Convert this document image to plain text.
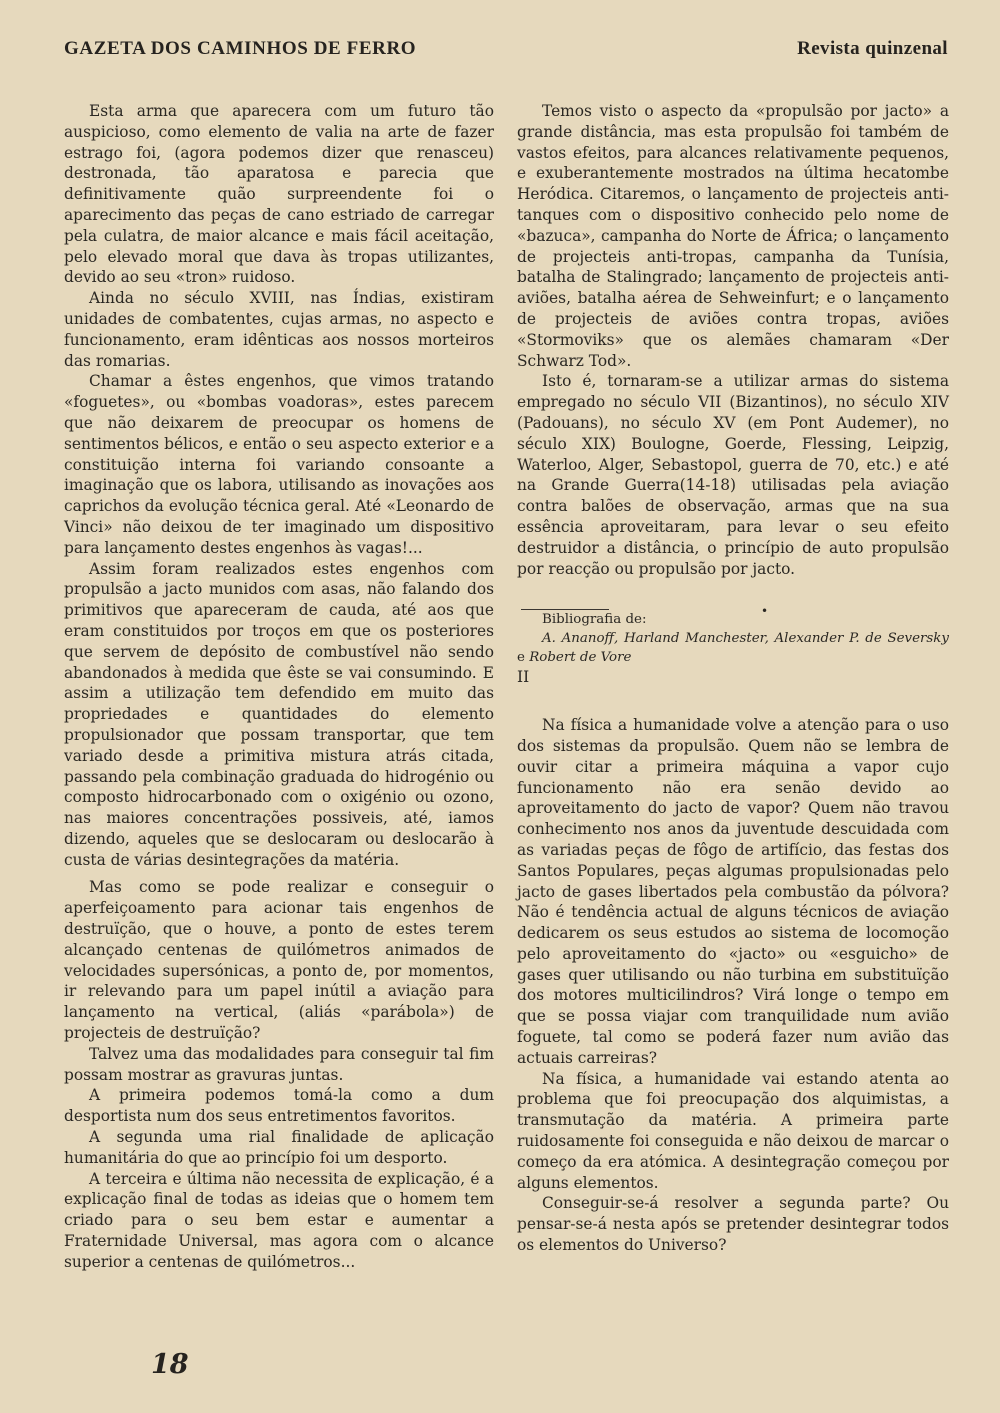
GAZETA DOS CAMINHOS DE FERRO	Revista quinzenal

Esta arma que aparecera com um futuro tão auspicioso, como elemento de valia na arte de fazer estrago foi, (agora podemos dizer que renasceu) destronada, tão aparatosa e parecia que definitivamente quão surpreendente foi o aparecimento das peças de cano estriado de carregar pela culatra, de maior alcance e mais fácil aceitação, pelo elevado moral que dava às tropas utilizantes, devido ao seu «tron» ruidoso.

Ainda no século XVIII, nas Índias, existiram unidades de combatentes, cujas armas, no aspecto e funcionamento, eram idênticas aos nossos morteiros das romarias.

Chamar a êstes engenhos, que vimos tratando «foguetes», ou «bombas voadoras», estes parecem que não deixarem de preocupar os homens de sentimentos bélicos, e então o seu aspecto exterior e a constituição interna foi variando consoante a imaginação que os labora, utilisando as inovações aos caprichos da evolução técnica geral. Até «Leonardo de Vinci» não deixou de ter imaginado um dispositivo para lançamento destes engenhos às vagas!...

Assim foram realizados estes engenhos com propulsão a jacto munidos com asas, não falando dos primitivos que apareceram de cauda, até aos que eram constituidos por troços em que os posteriores que servem de depósito de combustível não sendo abandonados à medida que êste se vai consumindo. E assim a utilização tem defendido em muito das propriedades e quantidades do elemento propulsionador que possam transportar, que tem variado desde a primitiva mistura atrás citada, passando pela combinação graduada do hidrogénio ou composto hidrocarbonado com o oxigénio ou ozono, nas maiores concentrações possiveis, até, iamos dizendo, aqueles que se deslocaram ou deslocarão à custa de várias desintegrações da matéria.

Mas como se pode realizar e conseguir o aperfeiçoamento para acionar tais engenhos de destruïção, que o houve, a ponto de estes terem alcançado centenas de quilómetros animados de velocidades supersónicas, a ponto de, por momentos, ir relevando para um papel inútil a aviação para lançamento na vertical, (aliás «parábola») de projecteis de destruïção?

Talvez uma das modalidades para conseguir tal fim possam mostrar as gravuras juntas.

A primeira podemos tomá-la como a dum desportista num dos seus entretimentos favoritos.

A segunda uma rial finalidade de aplicação humanitária do que ao princípio foi um desporto.

A terceira e última não necessita de explicação, é a explicação final de todas as ideias que o homem tem criado para o seu bem estar e aumentar a Fraternidade Universal, mas agora com o alcance superior a centenas de quilómetros...

Temos visto o aspecto da «propulsão por jacto» a grande distância, mas esta propulsão foi também de vastos efeitos, para alcances relativamente pequenos, e exuberantemente mostrados na última hecatombe Heródica. Citaremos, o lançamento de projecteis anti-tanques com o dispositivo conhecido pelo nome de «bazuca», campanha do Norte de África; o lançamento de projecteis anti-tropas, campanha da Tunísia, batalha de Stalingrado; lançamento de projecteis anti-aviões, batalha aérea de Sehweinfurt; e o lançamento de projecteis de aviões contra tropas, aviões «Stormoviks» que os alemães chamaram «Der Schwarz Tod».

Isto é, tornaram-se a utilizar armas do sistema empregado no século VII (Bizantinos), no século XIV (Padouans), no século XV (em Pont Audemer), no século XIX) Boulogne, Goerde, Flessing, Leipzig, Waterloo, Alger, Sebastopol, guerra de 70, etc.) e até na Grande Guerra(14-18) utilisadas pela aviação contra balões de observação, armas que na sua essência aproveitaram, para levar o seu efeito destruidor a distância, o princípio de auto propulsão por reacção ou propulsão por jacto.

Bibliografia de:

A. Ananoff, Harland Manchester, Alexander P. de Seversky e Robert de Vore

II

Na física a humanidade volve a atenção para o uso dos sistemas da propulsão. Quem não se lembra de ouvir citar a primeira máquina a vapor cujo funcionamento não era senão devido ao aproveitamento do jacto de vapor? Quem não travou conhecimento nos anos da juventude descuidada com as variadas peças de fôgo de artifício, das festas dos Santos Populares, peças algumas propulsionadas pelo jacto de gases libertados pela combustão da pólvora? Não é tendência actual de alguns técnicos de aviação dedicarem os seus estudos ao sistema de locomoção pelo aproveitamento do «jacto» ou «esguicho» de gases quer utilisando ou não turbina em substituïção dos motores multicilindros? Virá longe o tempo em que se possa viajar com tranquilidade num avião foguete, tal como se poderá fazer num avião das actuais carreiras?

Na física, a humanidade vai estando atenta ao problema que foi preocupação dos alquimistas, a transmutação da matéria. A primeira parte ruidosamente foi conseguida e não deixou de marcar o começo da era atómica. A desintegração começou por alguns elementos.

Conseguir-se-á resolver a segunda parte? Ou pensar-se-á nesta após se pretender desintegrar todos os elementos do Universo?

•
18
